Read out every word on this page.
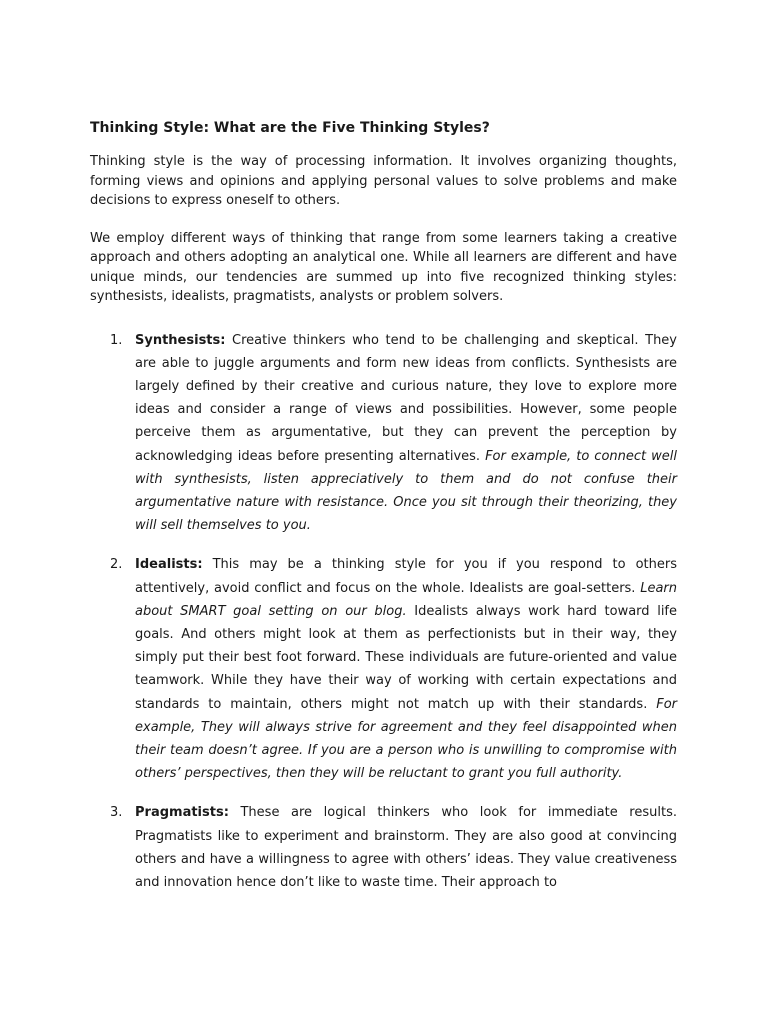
Thinking Style: What are the Five Thinking Styles?

Thinking style is the way of processing information. It involves organizing thoughts, forming views and opinions and applying personal values to solve problems and make decisions to express oneself to others.

We employ different ways of thinking that range from some learners taking a creative approach and others adopting an analytical one. While all learners are different and have unique minds, our tendencies are summed up into five recognized thinking styles: synthesists, idealists, pragmatists, analysts or problem solvers.

1. Synthesists: Creative thinkers who tend to be challenging and skeptical. They are able to juggle arguments and form new ideas from conflicts. Synthesists are largely defined by their creative and curious nature, they love to explore more ideas and consider a range of views and possibilities. However, some people perceive them as argumentative, but they can prevent the perception by acknowledging ideas before presenting alternatives. For example, to connect well with synthesists, listen appreciatively to them and do not confuse their argumentative nature with resistance. Once you sit through their theorizing, they will sell themselves to you.
2. Idealists: This may be a thinking style for you if you respond to others attentively, avoid conflict and focus on the whole. Idealists are goal-setters. Learn about SMART goal setting on our blog. Idealists always work hard toward life goals. And others might look at them as perfectionists but in their way, they simply put their best foot forward. These individuals are future-oriented and value teamwork. While they have their way of working with certain expectations and standards to maintain, others might not match up with their standards. For example, They will always strive for agreement and they feel disappointed when their team doesn’t agree. If you are a person who is unwilling to compromise with others’ perspectives, then they will be reluctant to grant you full authority.
3. Pragmatists: These are logical thinkers who look for immediate results. Pragmatists like to experiment and brainstorm. They are also good at convincing others and have a willingness to agree with others’ ideas. They value creativeness and innovation hence don’t like to waste time. Their approach to
